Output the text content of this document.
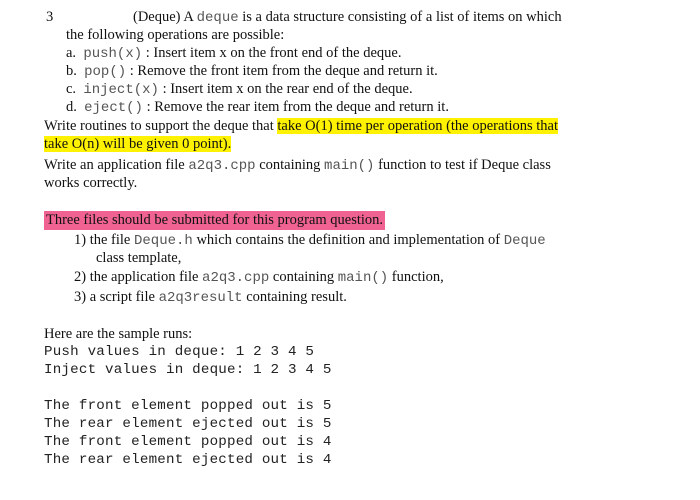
3	(Deque) A deque is a data structure consisting of a list of items on which
the following operations are possible:
a. push(x) : Insert item x on the front end of the deque.
b. pop() : Remove the front item from the deque and return it.
c. inject(x) : Insert item x on the rear end of the deque.
d. eject() : Remove the rear item from the deque and return it.
Write routines to support the deque that take O(1) time per operation (the operations that
take O(n) will be given 0 point).
Write an application file a2q3.cpp containing main() function to test if Deque class
works correctly.
Three files should be submitted for this program question.
1) the file Deque.h which contains the definition and implementation of Deque
class template,
2) the application file a2q3.cpp containing main() function,
3) a script file a2q3result containing result.
Here are the sample runs:
Push values in deque: 1 2 3 4 5
Inject values in deque: 1 2 3 4 5
The front element popped out is 5
The rear element ejected out is 5
The front element popped out is 4
The rear element ejected out is 4
